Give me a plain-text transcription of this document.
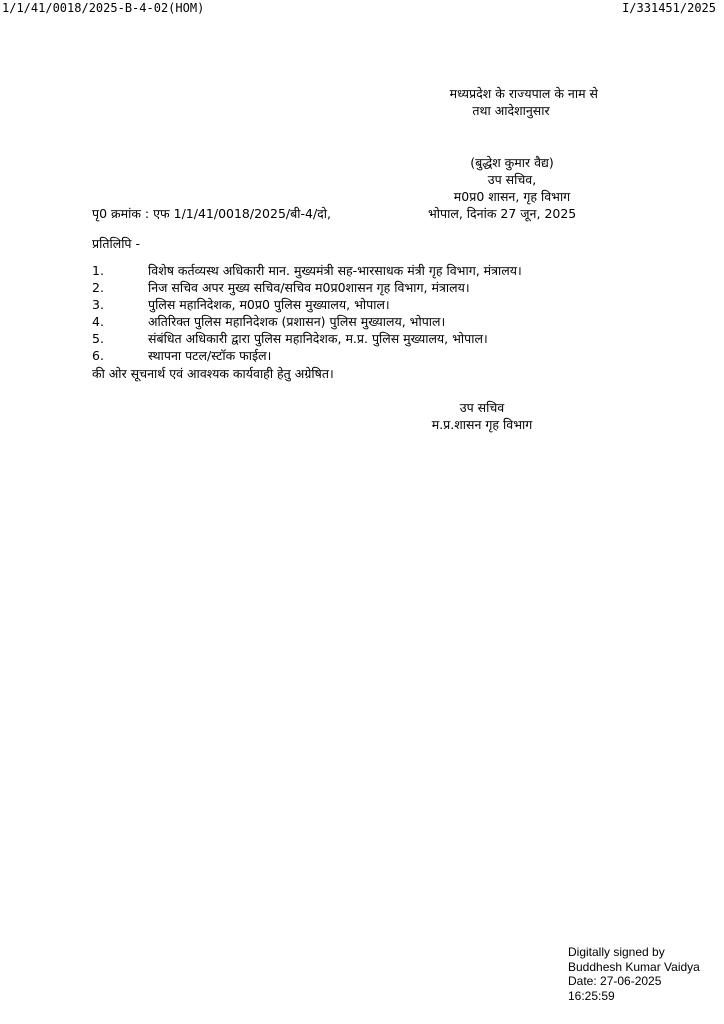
1/1/41/0018/2025-B-4-02(HOM)	I/331451/2025
मध्यप्रदेश के राज्यपाल के नाम से
तथा आदेशानुसार
(बुद्धेश कुमार वैद्य)
उप सचिव,
म0प्र0 शासन, गृह विभाग
पृ0 क्रमांक : एफ 1/1/41/0018/2025/बी-4/दो,	भोपाल, दिनांक 27 जून, 2025
प्रतिलिपि -
1.	विशेष कर्तव्यस्थ अधिकारी मान. मुख्यमंत्री सह-भारसाधक मंत्री गृह विभाग, मंत्रालय।
2.	निज सचिव अपर मुख्य सचिव/सचिव म0प्र0शासन गृह विभाग, मंत्रालय।
3.	पुलिस महानिदेशक, म0प्र0 पुलिस मुख्यालय, भोपाल।
4.	अतिरिक्त पुलिस महानिदेशक (प्रशासन) पुलिस मुख्यालय, भोपाल।
5.	संबंधित अधिकारी द्वारा पुलिस महानिदेशक, म.प्र. पुलिस मुख्यालय, भोपाल।
6.	स्थापना पटल/स्टॉक फाईल।
की ओर सूचनार्थ एवं आवश्यक कार्यवाही हेतु अग्रेषित।
उप सचिव
म.प्र.शासन गृह विभाग
Digitally signed by
Buddhesh Kumar Vaidya
Date: 27-06-2025
16:25:59
